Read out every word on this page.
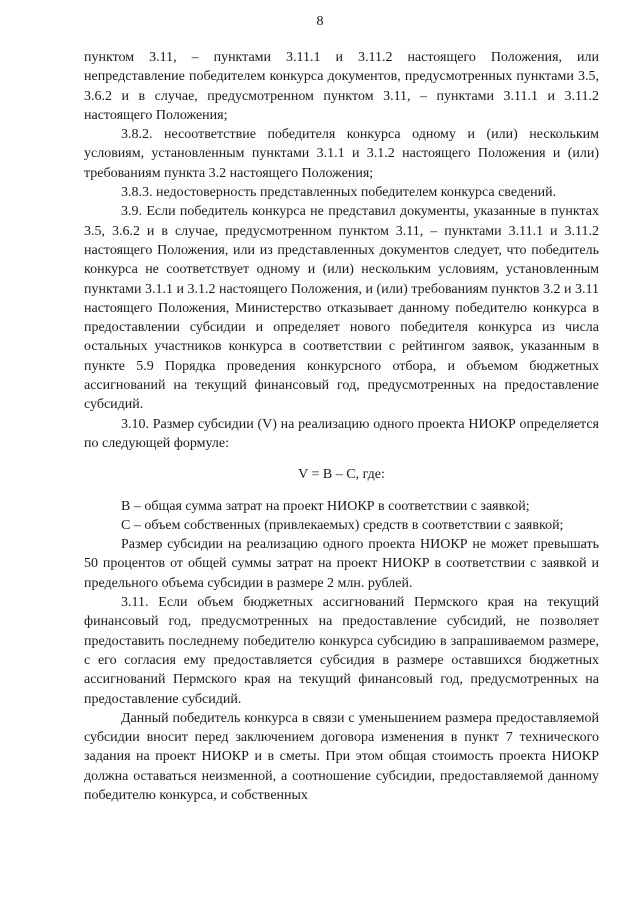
8

пунктом 3.11, – пунктами 3.11.1 и 3.11.2 настоящего Положения, или непредставление победителем конкурса документов, предусмотренных пунктами 3.5, 3.6.2 и в случае, предусмотренном пунктом 3.11, – пунктами 3.11.1 и 3.11.2 настоящего Положения;

3.8.2. несоответствие победителя конкурса одному и (или) нескольким условиям, установленным пунктами 3.1.1 и 3.1.2 настоящего Положения и (или) требованиям пункта 3.2 настоящего Положения;

3.8.3. недостоверность представленных победителем конкурса сведений.

3.9. Если победитель конкурса не представил документы, указанные в пунктах 3.5, 3.6.2 и в случае, предусмотренном пунктом 3.11, – пунктами 3.11.1 и 3.11.2 настоящего Положения, или из представленных документов следует, что победитель конкурса не соответствует одному и (или) нескольким условиям, установленным пунктами 3.1.1 и 3.1.2 настоящего Положения, и (или) требованиям пунктов 3.2 и 3.11 настоящего Положения, Министерство отказывает данному победителю конкурса в предоставлении субсидии и определяет нового победителя конкурса из числа остальных участников конкурса в соответствии с рейтингом заявок, указанным в пункте 5.9 Порядка проведения конкурсного отбора, и объемом бюджетных ассигнований на текущий финансовый год, предусмотренных на предоставление субсидий.

3.10. Размер субсидии (V) на реализацию одного проекта НИОКР определяется по следующей формуле:

V = B – C, где:

B – общая сумма затрат на проект НИОКР в соответствии с заявкой;

C – объем собственных (привлекаемых) средств в соответствии с заявкой;

Размер субсидии на реализацию одного проекта НИОКР не может превышать 50 процентов от общей суммы затрат на проект НИОКР в соответствии с заявкой и предельного объема субсидии в размере 2 млн. рублей.

3.11. Если объем бюджетных ассигнований Пермского края на текущий финансовый год, предусмотренных на предоставление субсидий, не позволяет предоставить последнему победителю конкурса субсидию в запрашиваемом размере, с его согласия ему предоставляется субсидия в размере оставшихся бюджетных ассигнований Пермского края на текущий финансовый год, предусмотренных на предоставление субсидий.

Данный победитель конкурса в связи с уменьшением размера предоставляемой субсидии вносит перед заключением договора изменения в пункт 7 технического задания на проект НИОКР и в сметы. При этом общая стоимость проекта НИОКР должна оставаться неизменной, а соотношение субсидии, предоставляемой данному победителю конкурса, и собственных
